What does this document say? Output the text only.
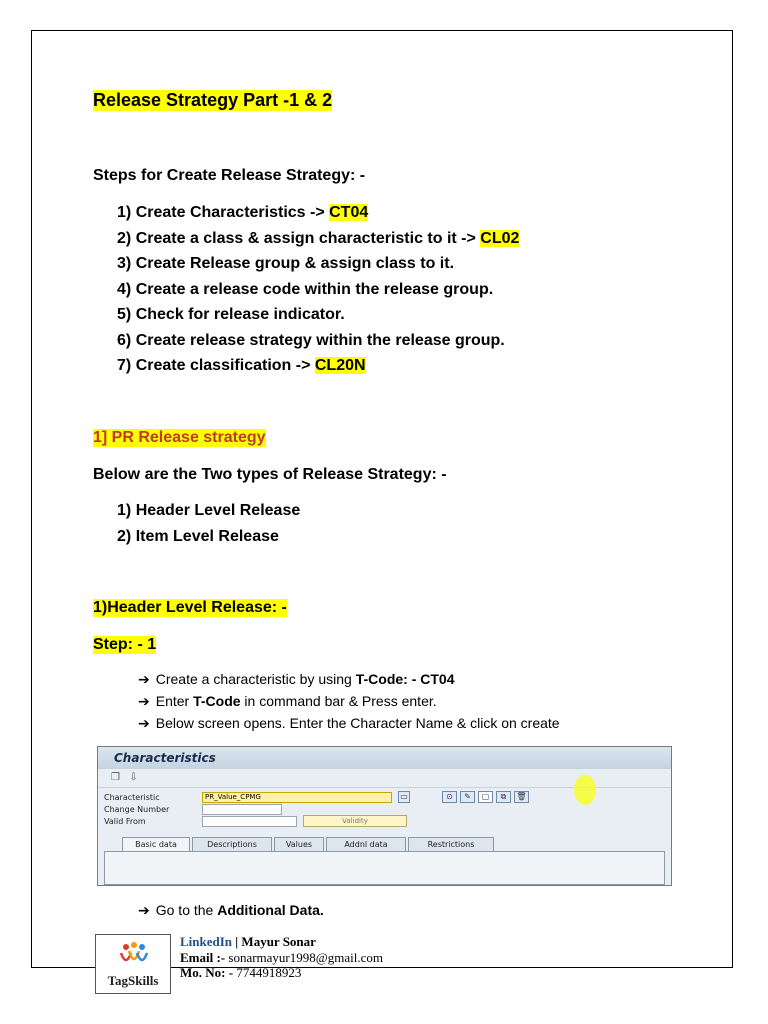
Release Strategy Part -1 & 2
Steps for Create Release Strategy: -
1) Create Characteristics -> CT04
2) Create a class & assign characteristic to it -> CL02
3) Create Release group & assign class to it.
4) Create a release code within the release group.
5) Check for release indicator.
6) Create release strategy within the release group.
7) Create classification -> CL20N
1] PR Release strategy
Below are the Two types of Release Strategy: -
1) Header Level Release
2) Item Level Release
1)Header Level Release: -
Step: - 1
➔ Create a characteristic by using T-Code: - CT04
➔ Enter T-Code in command bar & Press enter.
➔ Below screen opens. Enter the Character Name & click on create
Characteristics
❐ ⇩
Characteristic	PR_Value_CPMG	▭	⊙	✎	▢	⧉	🗑
Change Number
Valid From	Validity
Basic data	Descriptions	Values	Addnl data	Restrictions
➔ Go to the Additional Data.
TagSkills
LinkedIn | Mayur Sonar
Email :- sonarmayur1998@gmail.com
Mo. No: - 7744918923
